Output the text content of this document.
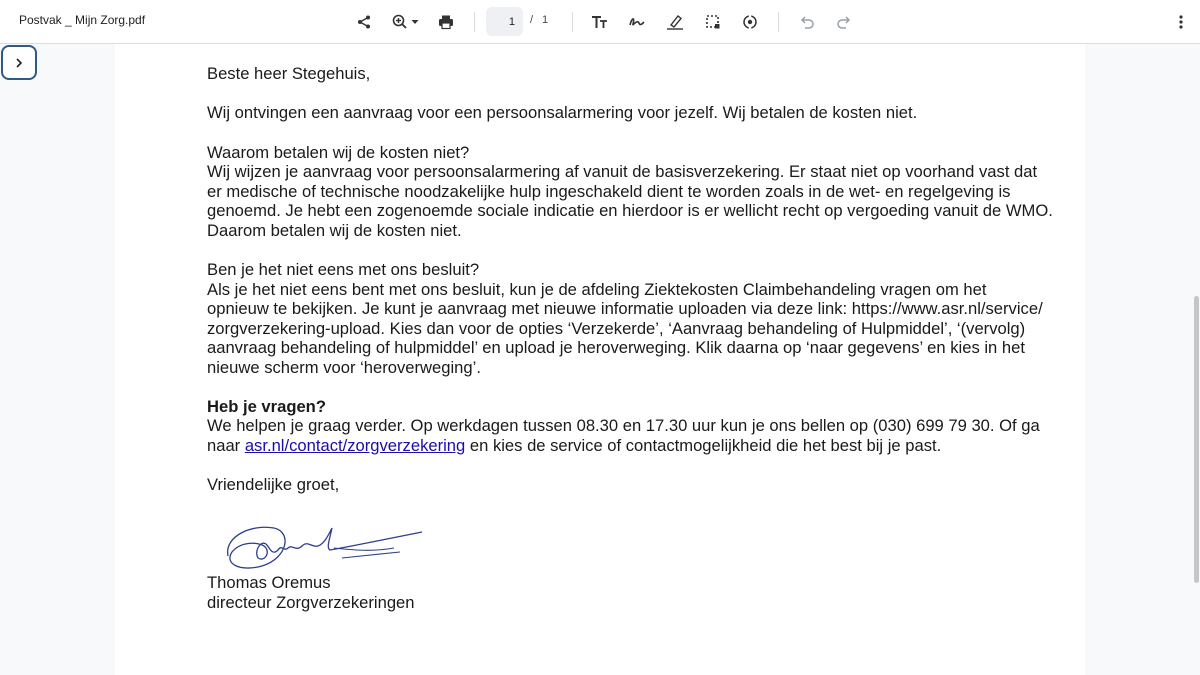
Postvak _ Mijn Zorg.pdf	1	/ 1
Beste heer Stegehuis,
Wij ontvingen een aanvraag voor een persoonsalarmering voor jezelf. Wij betalen de kosten niet.
Waarom betalen wij de kosten niet?
Wij wijzen je aanvraag voor persoonsalarmering af vanuit de basisverzekering. Er staat niet op voorhand vast dat
er medische of technische noodzakelijke hulp ingeschakeld dient te worden zoals in de wet- en regelgeving is
genoemd. Je hebt een zogenoemde sociale indicatie en hierdoor is er wellicht recht op vergoeding vanuit de WMO.
Daarom betalen wij de kosten niet.
Ben je het niet eens met ons besluit?
Als je het niet eens bent met ons besluit, kun je de afdeling Ziektekosten Claimbehandeling vragen om het
opnieuw te bekijken. Je kunt je aanvraag met nieuwe informatie uploaden via deze link: https://www.asr.nl/service/
zorgverzekering-upload. Kies dan voor de opties ‘Verzekerde’, ‘Aanvraag behandeling of Hulpmiddel’, ‘(vervolg)
aanvraag behandeling of hulpmiddel’ en upload je heroverweging. Klik daarna op ‘naar gegevens’ en kies in het
nieuwe scherm voor ‘heroverweging’.
Heb je vragen?
We helpen je graag verder. Op werkdagen tussen 08.30 en 17.30 uur kun je ons bellen op (030) 699 79 30. Of ga
naar asr.nl/contact/zorgverzekering en kies de service of contactmogelijkheid die het best bij je past.
Vriendelijke groet,
Thomas Oremus
directeur Zorgverzekeringen
